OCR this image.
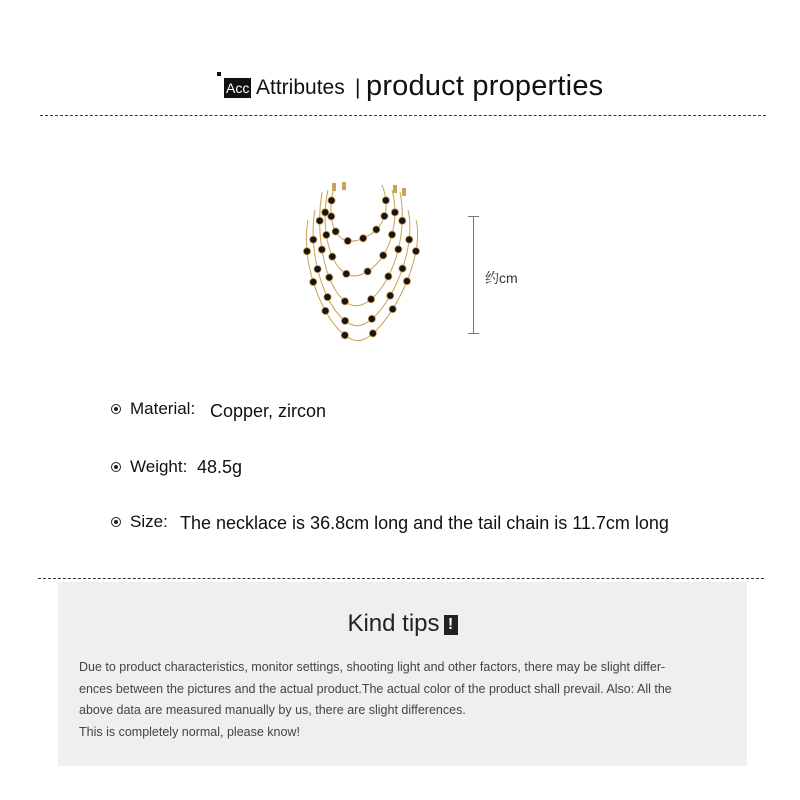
Acc Attributes | product properties
约cm
Material: Copper, zircon
Weight: 48.5g
Size: The necklace is 36.8cm long and the tail chain is 11.7cm long
Kind tips !
Due to product characteristics, monitor settings, shooting light and other factors, there may be slight differ-
ences between the pictures and the actual product.The actual color of the product shall prevail. Also: All the
above data are measured manually by us, there are slight differences.
This is completely normal, please know!
